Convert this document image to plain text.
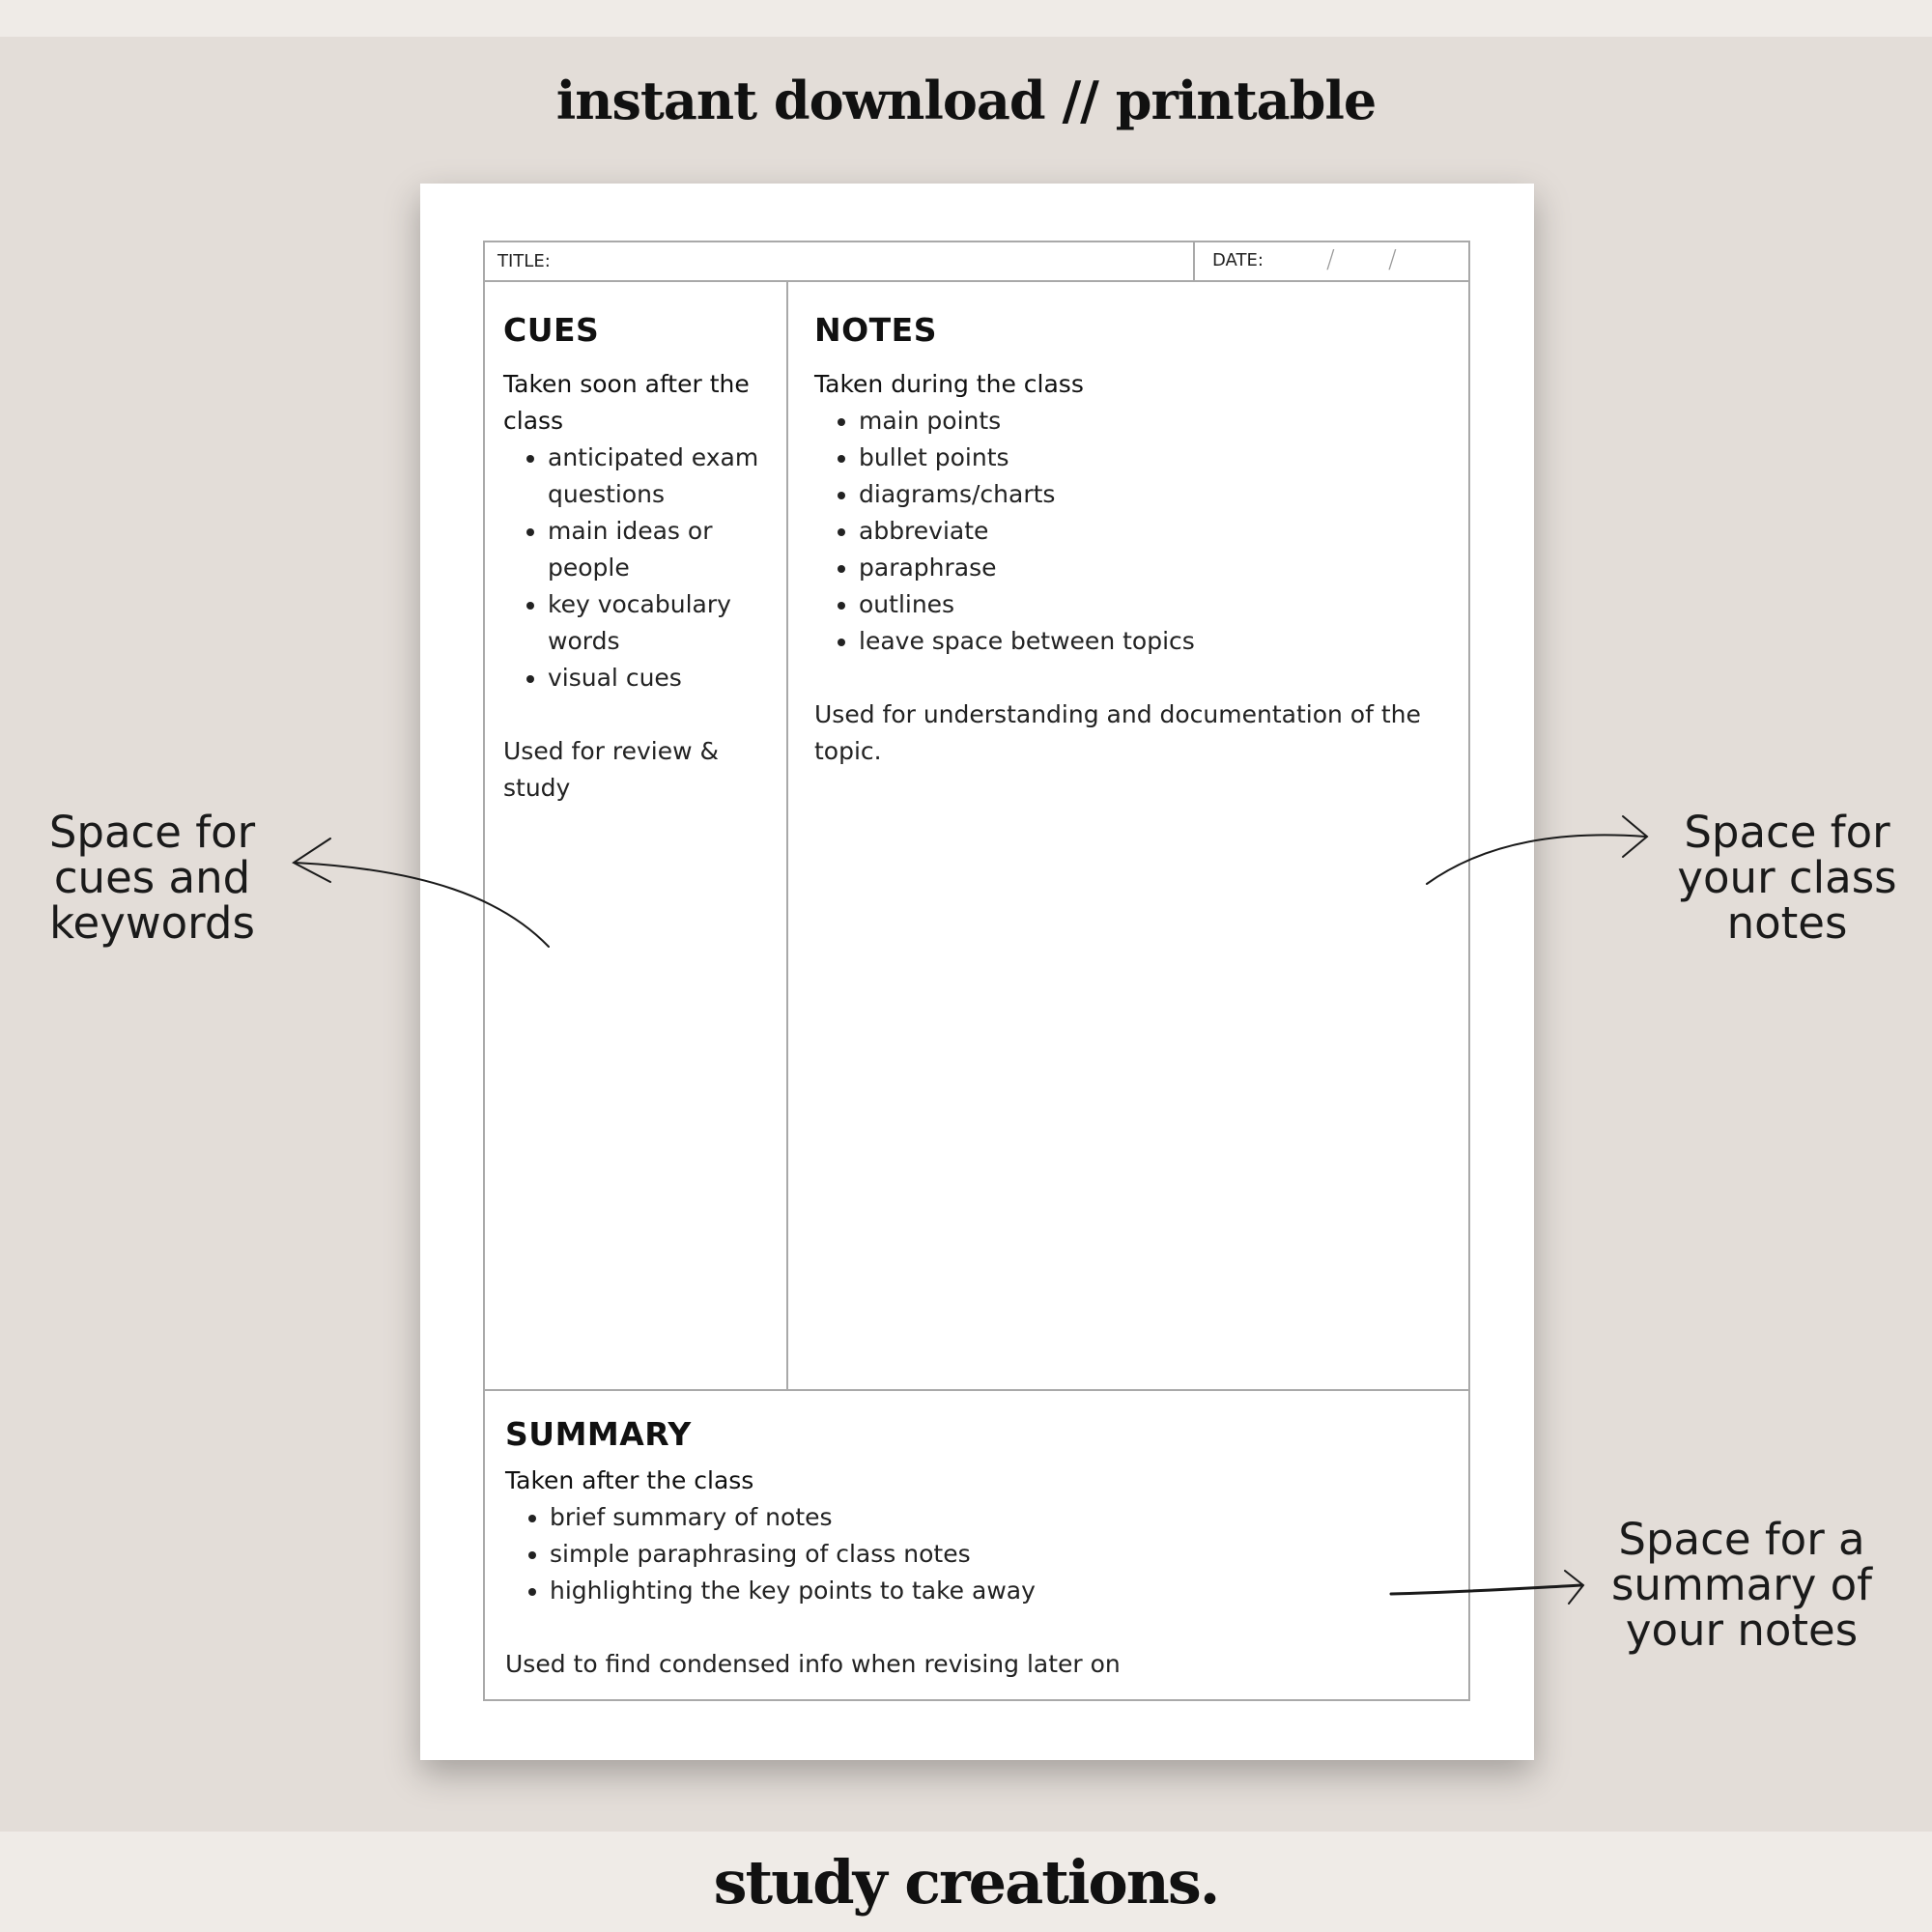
instant download // printable
TITLE:	DATE:	/ /
CUES

Taken soon after the class

• anticipated exam questions
• main ideas or people
• key vocabulary words
• visual cues

Used for review & study

NOTES

Taken during the class

• main points
• bullet points
• diagrams/charts
• abbreviate
• paraphrase
• outlines
• leave space between topics

Used for understanding and documentation of the topic.

SUMMARY

Taken after the class

• brief summary of notes
• simple paraphrasing of class notes
• highlighting the key points to take away

Used to find condensed info when revising later on

Space for
cues and
keywords
Space for
your class
notes
Space for a
summary of
your notes
study creations.
